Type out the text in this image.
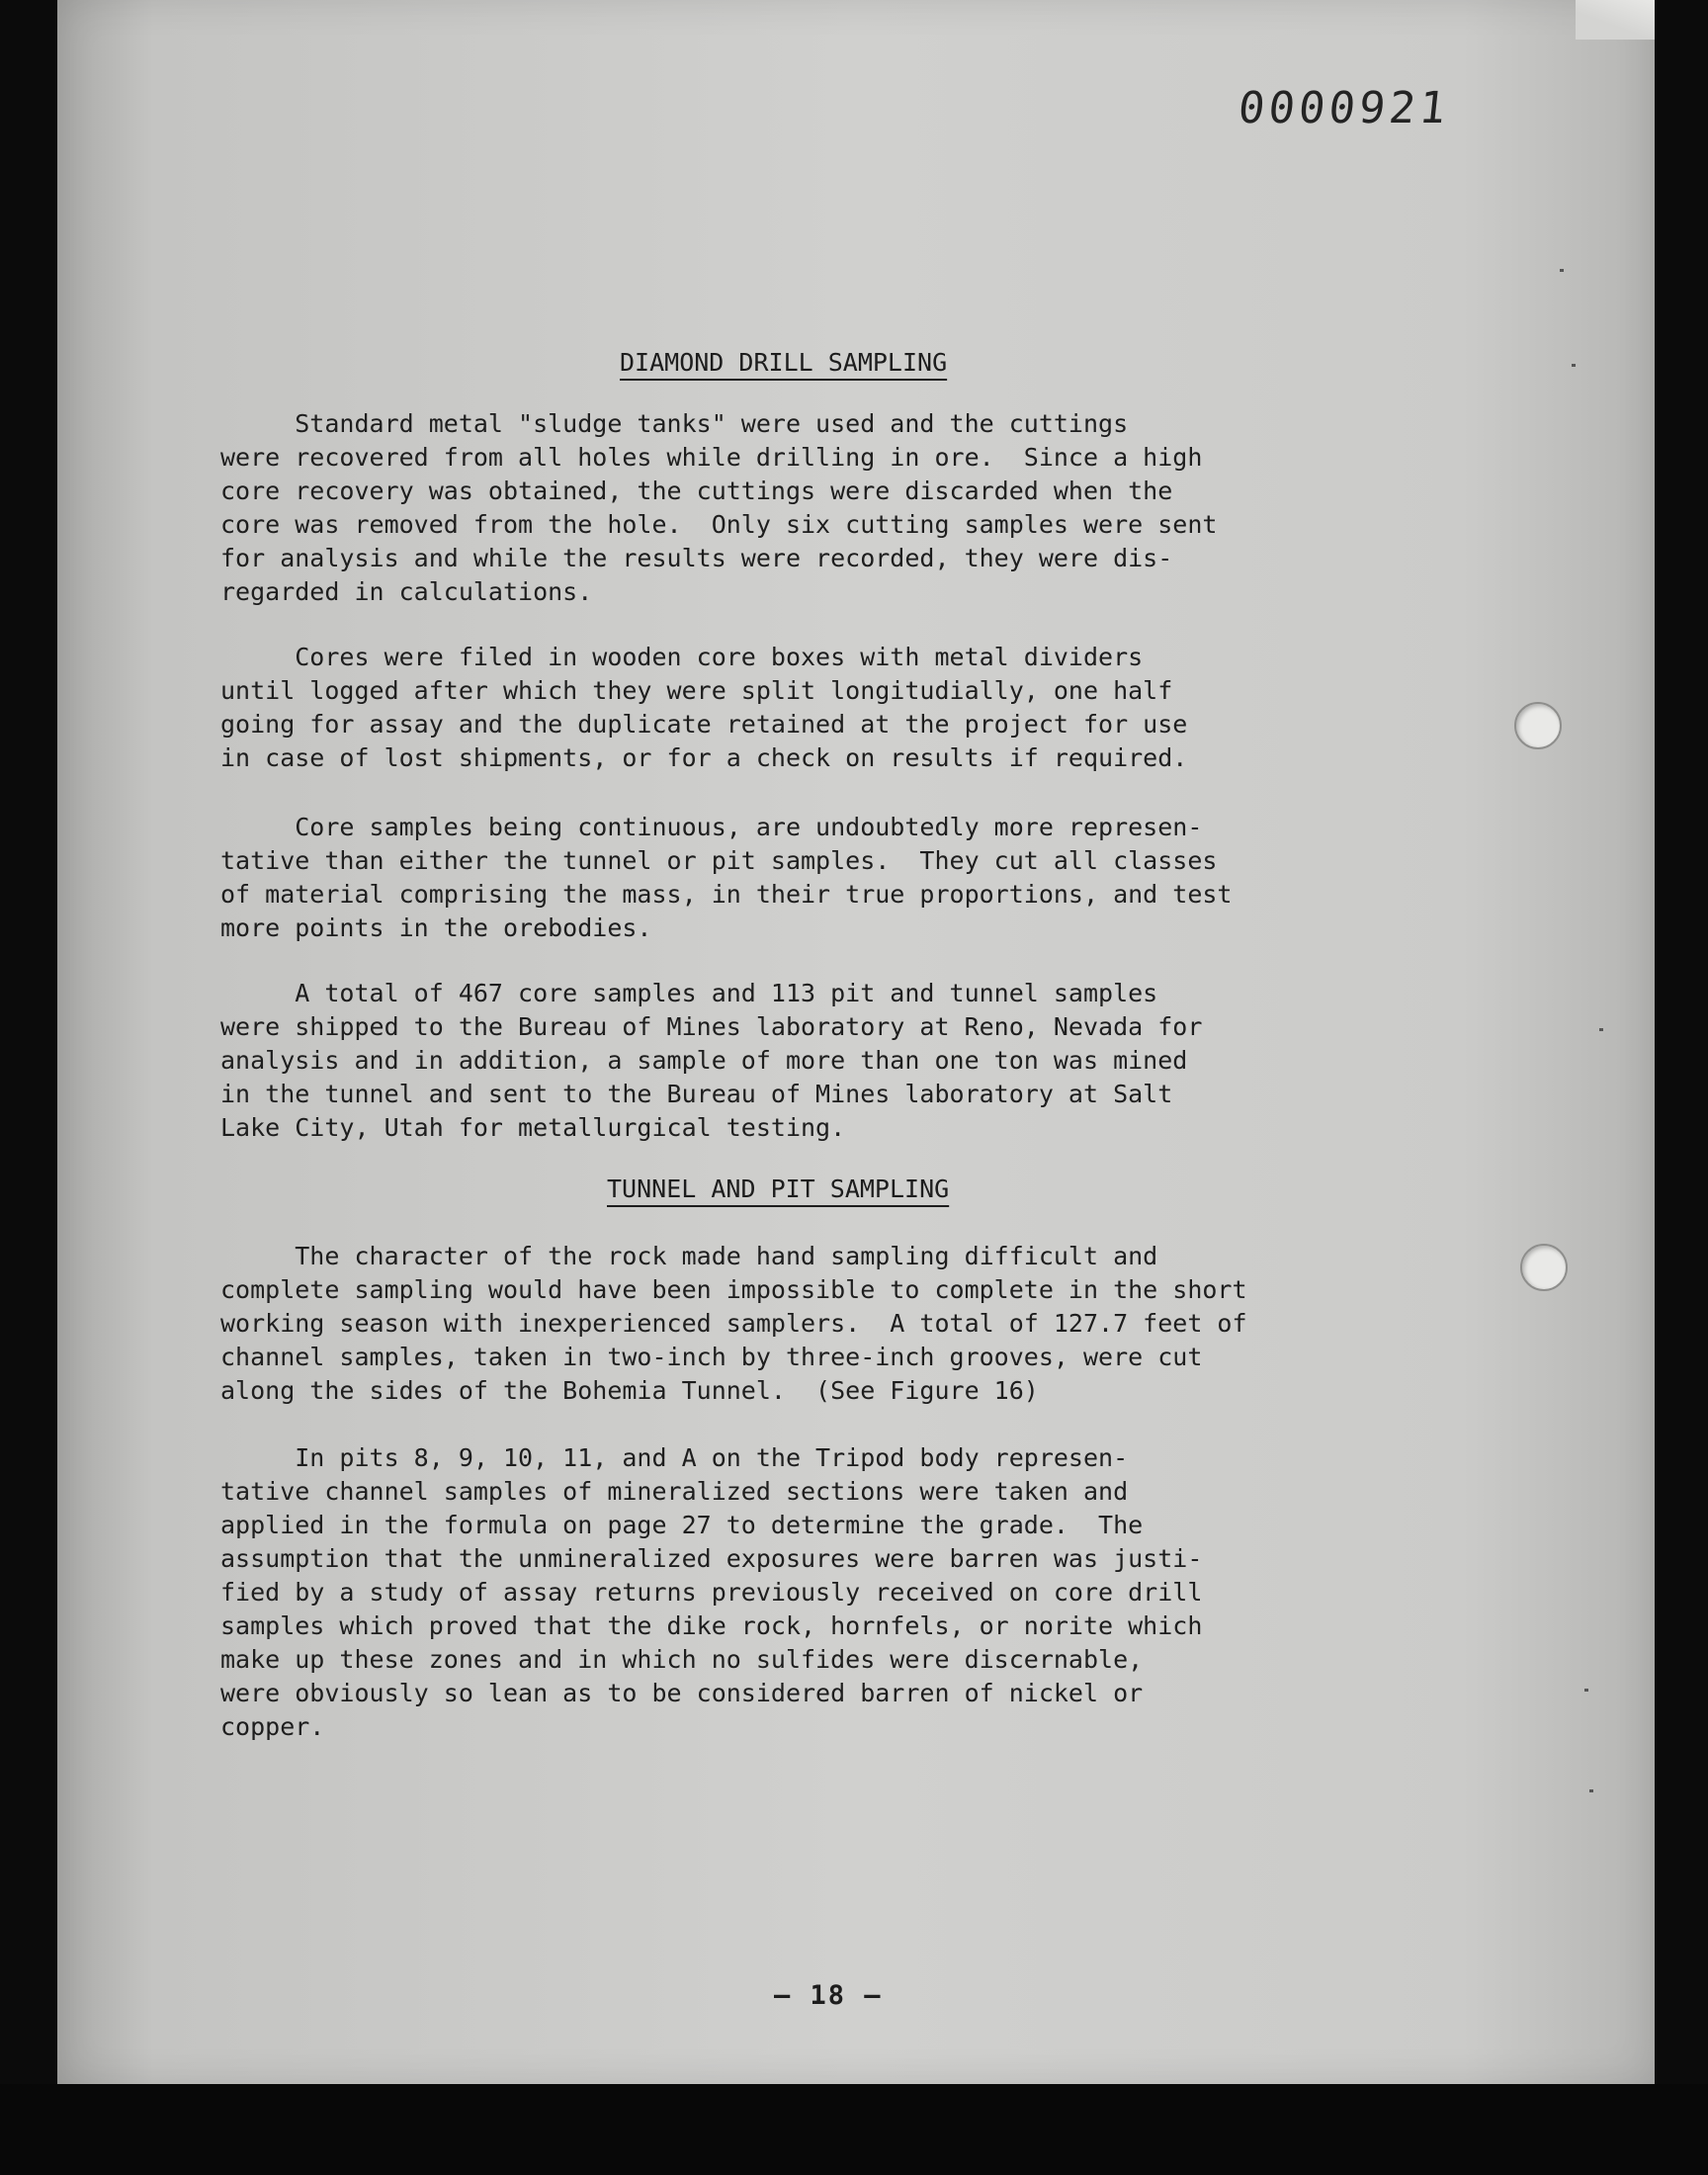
0000921
DIAMOND DRILL SAMPLING
Standard metal "sludge tanks" were used and the cuttings
were recovered from all holes while drilling in ore.  Since a high
core recovery was obtained, the cuttings were discarded when the
core was removed from the hole.  Only six cutting samples were sent
for analysis and while the results were recorded, they were dis-
regarded in calculations.
Cores were filed in wooden core boxes with metal dividers
until logged after which they were split longitudially, one half
going for assay and the duplicate retained at the project for use
in case of lost shipments, or for a check on results if required.
Core samples being continuous, are undoubtedly more represen-
tative than either the tunnel or pit samples.  They cut all classes
of material comprising the mass, in their true proportions, and test
more points in the orebodies.
A total of 467 core samples and 113 pit and tunnel samples
were shipped to the Bureau of Mines laboratory at Reno, Nevada for
analysis and in addition, a sample of more than one ton was mined
in the tunnel and sent to the Bureau of Mines laboratory at Salt
Lake City, Utah for metallurgical testing.
TUNNEL AND PIT SAMPLING
The character of the rock made hand sampling difficult and
complete sampling would have been impossible to complete in the short
working season with inexperienced samplers.  A total of 127.7 feet of
channel samples, taken in two-inch by three-inch grooves, were cut
along the sides of the Bohemia Tunnel.  (See Figure 16)
In pits 8, 9, 10, 11, and A on the Tripod body represen-
tative channel samples of mineralized sections were taken and
applied in the formula on page 27 to determine the grade.  The
assumption that the unmineralized exposures were barren was justi-
fied by a study of assay returns previously received on core drill
samples which proved that the dike rock, hornfels, or norite which
make up these zones and in which no sulfides were discernable,
were obviously so lean as to be considered barren of nickel or
copper.
– 18 –
